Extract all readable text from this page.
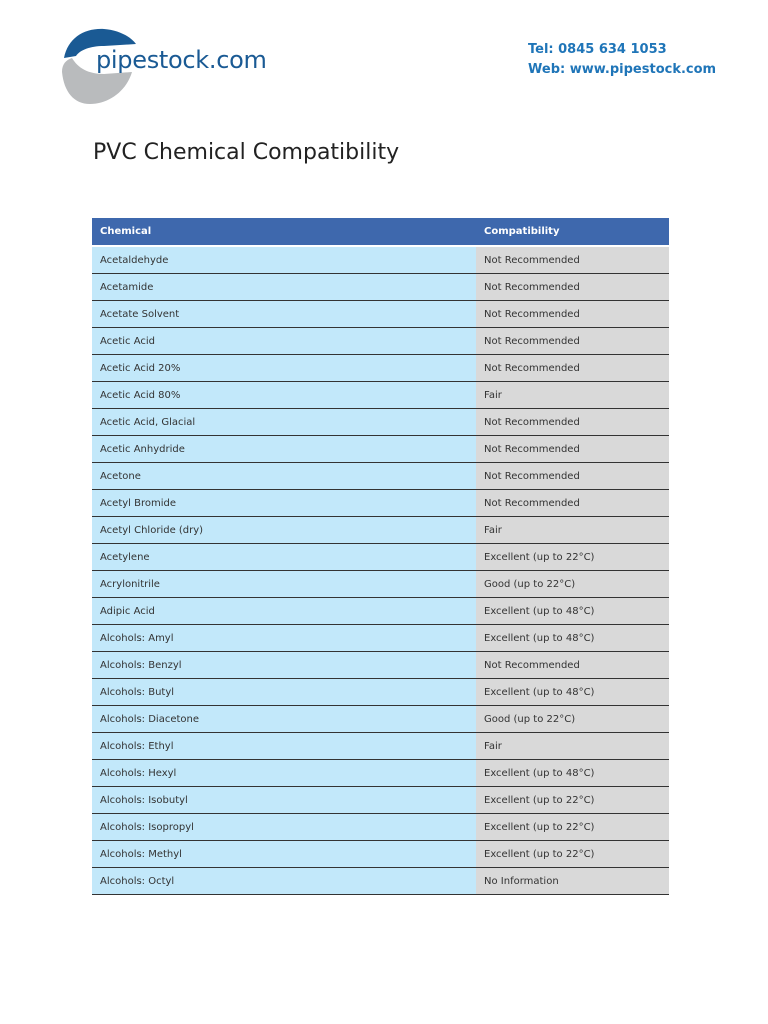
pipestock.com	Tel: 0845 634 1053
Web: www.pipestock.com
PVC Chemical Compatibility
Chemical	Compatibility
Acetaldehyde	Not Recommended
Acetamide	Not Recommended
Acetate Solvent	Not Recommended
Acetic Acid	Not Recommended
Acetic Acid 20%	Not Recommended
Acetic Acid 80%	Fair
Acetic Acid, Glacial	Not Recommended
Acetic Anhydride	Not Recommended
Acetone	Not Recommended
Acetyl Bromide	Not Recommended
Acetyl Chloride (dry)	Fair
Acetylene	Excellent (up to 22°C)
Acrylonitrile	Good (up to 22°C)
Adipic Acid	Excellent (up to 48°C)
Alcohols: Amyl	Excellent (up to 48°C)
Alcohols: Benzyl	Not Recommended
Alcohols: Butyl	Excellent (up to 48°C)
Alcohols: Diacetone	Good (up to 22°C)
Alcohols: Ethyl	Fair
Alcohols: Hexyl	Excellent (up to 48°C)
Alcohols: Isobutyl	Excellent (up to 22°C)
Alcohols: Isopropyl	Excellent (up to 22°C)
Alcohols: Methyl	Excellent (up to 22°C)
Alcohols: Octyl	No Information
